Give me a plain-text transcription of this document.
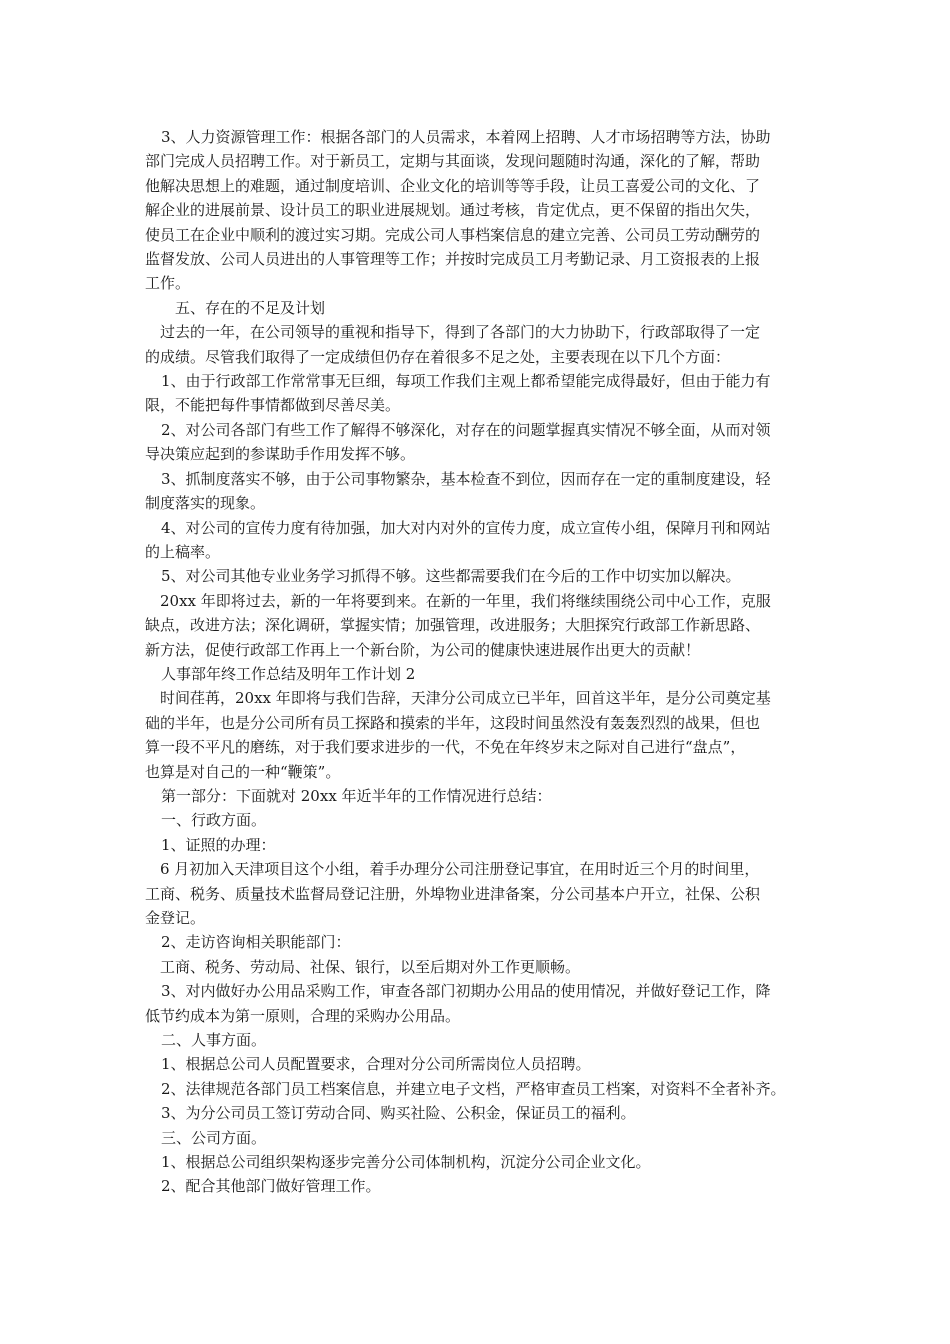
3、人力资源管理工作：根据各部门的人员需求，本着网上招聘、人才市场招聘等方法，协助
部门完成人员招聘工作。对于新员工，定期与其面谈，发现问题随时沟通，深化的了解，帮助
他解决思想上的难题，通过制度培训、企业文化的培训等等手段，让员工喜爱公司的文化、了
解企业的进展前景、设计员工的职业进展规划。通过考核，肯定优点，更不保留的指出欠失，
使员工在企业中顺利的渡过实习期。完成公司人事档案信息的建立完善、公司员工劳动酬劳的
监督发放、公司人员进出的人事管理等工作；并按时完成员工月考勤记录、月工资报表的上报
工作。

五、存在的不足及计划

过去的一年，在公司领导的重视和指导下，得到了各部门的大力协助下，行政部取得了一定
的成绩。尽管我们取得了一定成绩但仍存在着很多不足之处，主要表现在以下几个方面：

1、由于行政部工作常常事无巨细，每项工作我们主观上都希望能完成得最好，但由于能力有
限，不能把每件事情都做到尽善尽美。

2、对公司各部门有些工作了解得不够深化，对存在的问题掌握真实情况不够全面，从而对领
导决策应起到的参谋助手作用发挥不够。

3、抓制度落实不够，由于公司事物繁杂，基本检查不到位，因而存在一定的重制度建设，轻
制度落实的现象。

4、对公司的宣传力度有待加强，加大对内对外的宣传力度，成立宣传小组，保障月刊和网站
的上稿率。

5、对公司其他专业业务学习抓得不够。这些都需要我们在今后的工作中切实加以解决。

20xx 年即将过去，新的一年将要到来。在新的一年里，我们将继续围绕公司中心工作，克服
缺点，改进方法；深化调研，掌握实情；加强管理，改进服务；大胆探究行政部工作新思路、
新方法，促使行政部工作再上一个新台阶，为公司的健康快速进展作出更大的贡献！

人事部年终工作总结及明年工作计划 2

时间荏苒，20xx 年即将与我们告辞，天津分公司成立已半年，回首这半年，是分公司奠定基
础的半年，也是分公司所有员工探路和摸索的半年，这段时间虽然没有轰轰烈烈的战果，但也
算一段不平凡的磨练，对于我们要求进步的一代，不免在年终岁末之际对自己进行“盘点”，
也算是对自己的一种“鞭策”。

第一部分：下面就对 20xx 年近半年的工作情况进行总结：

一、行政方面。

1、证照的办理：

6 月初加入天津项目这个小组，着手办理分公司注册登记事宜，在用时近三个月的时间里，
工商、税务、质量技术监督局登记注册，外埠物业进津备案，分公司基本户开立，社保、公积
金登记。

2、走访咨询相关职能部门：

工商、税务、劳动局、社保、银行，以至后期对外工作更顺畅。

3、对内做好办公用品采购工作，审查各部门初期办公用品的使用情况，并做好登记工作，降
低节约成本为第一原则，合理的采购办公用品。

二、人事方面。

1、根据总公司人员配置要求，合理对分公司所需岗位人员招聘。

2、法律规范各部门员工档案信息，并建立电子文档，严格审查员工档案，对资料不全者补齐。

3、为分公司员工签订劳动合同、购买社险、公积金，保证员工的福利。

三、公司方面。

1、根据总公司组织架构逐步完善分公司体制机构，沉淀分公司企业文化。

2、配合其他部门做好管理工作。
